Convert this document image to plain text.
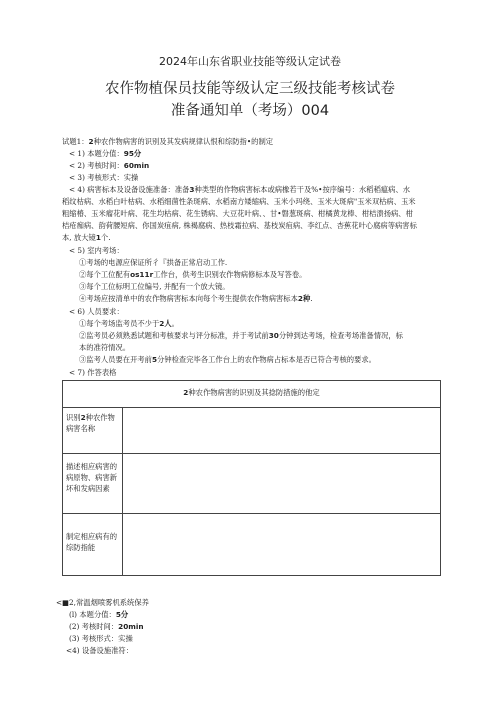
2024年山东省职业技能等级认定试卷
农作物植保员技能等级认定三级技能考核试卷
准备通知单（考场）004
试题1：2种农作物病害的识别及其发病规律认恨和综防指•的制定
< 1) 本题分值：95分
< 2) 考核时间：60min
< 3) 考核形式：实操
< 4) 病害标本及设备设施准备：准备3种类型的作物病害标本或病橡若干及%•按序编号：水稻稻瘟病、水
稻纹枯病、水稻白叶枯病、水稻细菌性条斑病、水稻南方矮缩病、玉米小玛绕、玉米大斑病"玉米双枯病、玉米
粗缩椿、玉米瘤花叶病、花生均枯病、花生锈病、大豆花叶病、、甘•磐葱斑病、柑橘黄龙棒、柑桔溃扬病、柑
桔疮痂病、韵荷腰短病、你国炭疽病, 株褐腐病、热枝霜拉病、基枝炭疽病、李红点、杏蕉花叶心腐病等病害标
本, 放大镜1个.
< 5) 室内考场：
①考场的电源应保证所彳『拱备正常启动工作.
②每个工位配有os11r工作台，供考生识别农作物病修标本及写答卷。
③每个工位标明工位编号, 并配有一个放大镜。
④考场应按清单中的农作物病害标本向每个考生提供农作物病害标本2种.
< 6) 人员要求：
①每个考场监考员不少于2人。
②监考员必须熟悉试题和考核要求与评分标准，并于考试前30分钟到达考场，检查考场准备情况，标
本的准符情况。
③监考人员要在开考前5分钟检查完毕各工作台上的农作物病占标本是否已符合考核的要求。
< 7) 作答表格
2种农作物病害的识别及其捻防措施的他定
识别2种农作物病害名称
描述相应病害的病原物、病害新坏和发病因素
制定相应病有的综防指能
<■2,常温烟喷雾机系统保养
(l) 本题分值：5分
(2) 考核时间：20min
(3) 考核形式：实操
<4) 设备设施准符：
